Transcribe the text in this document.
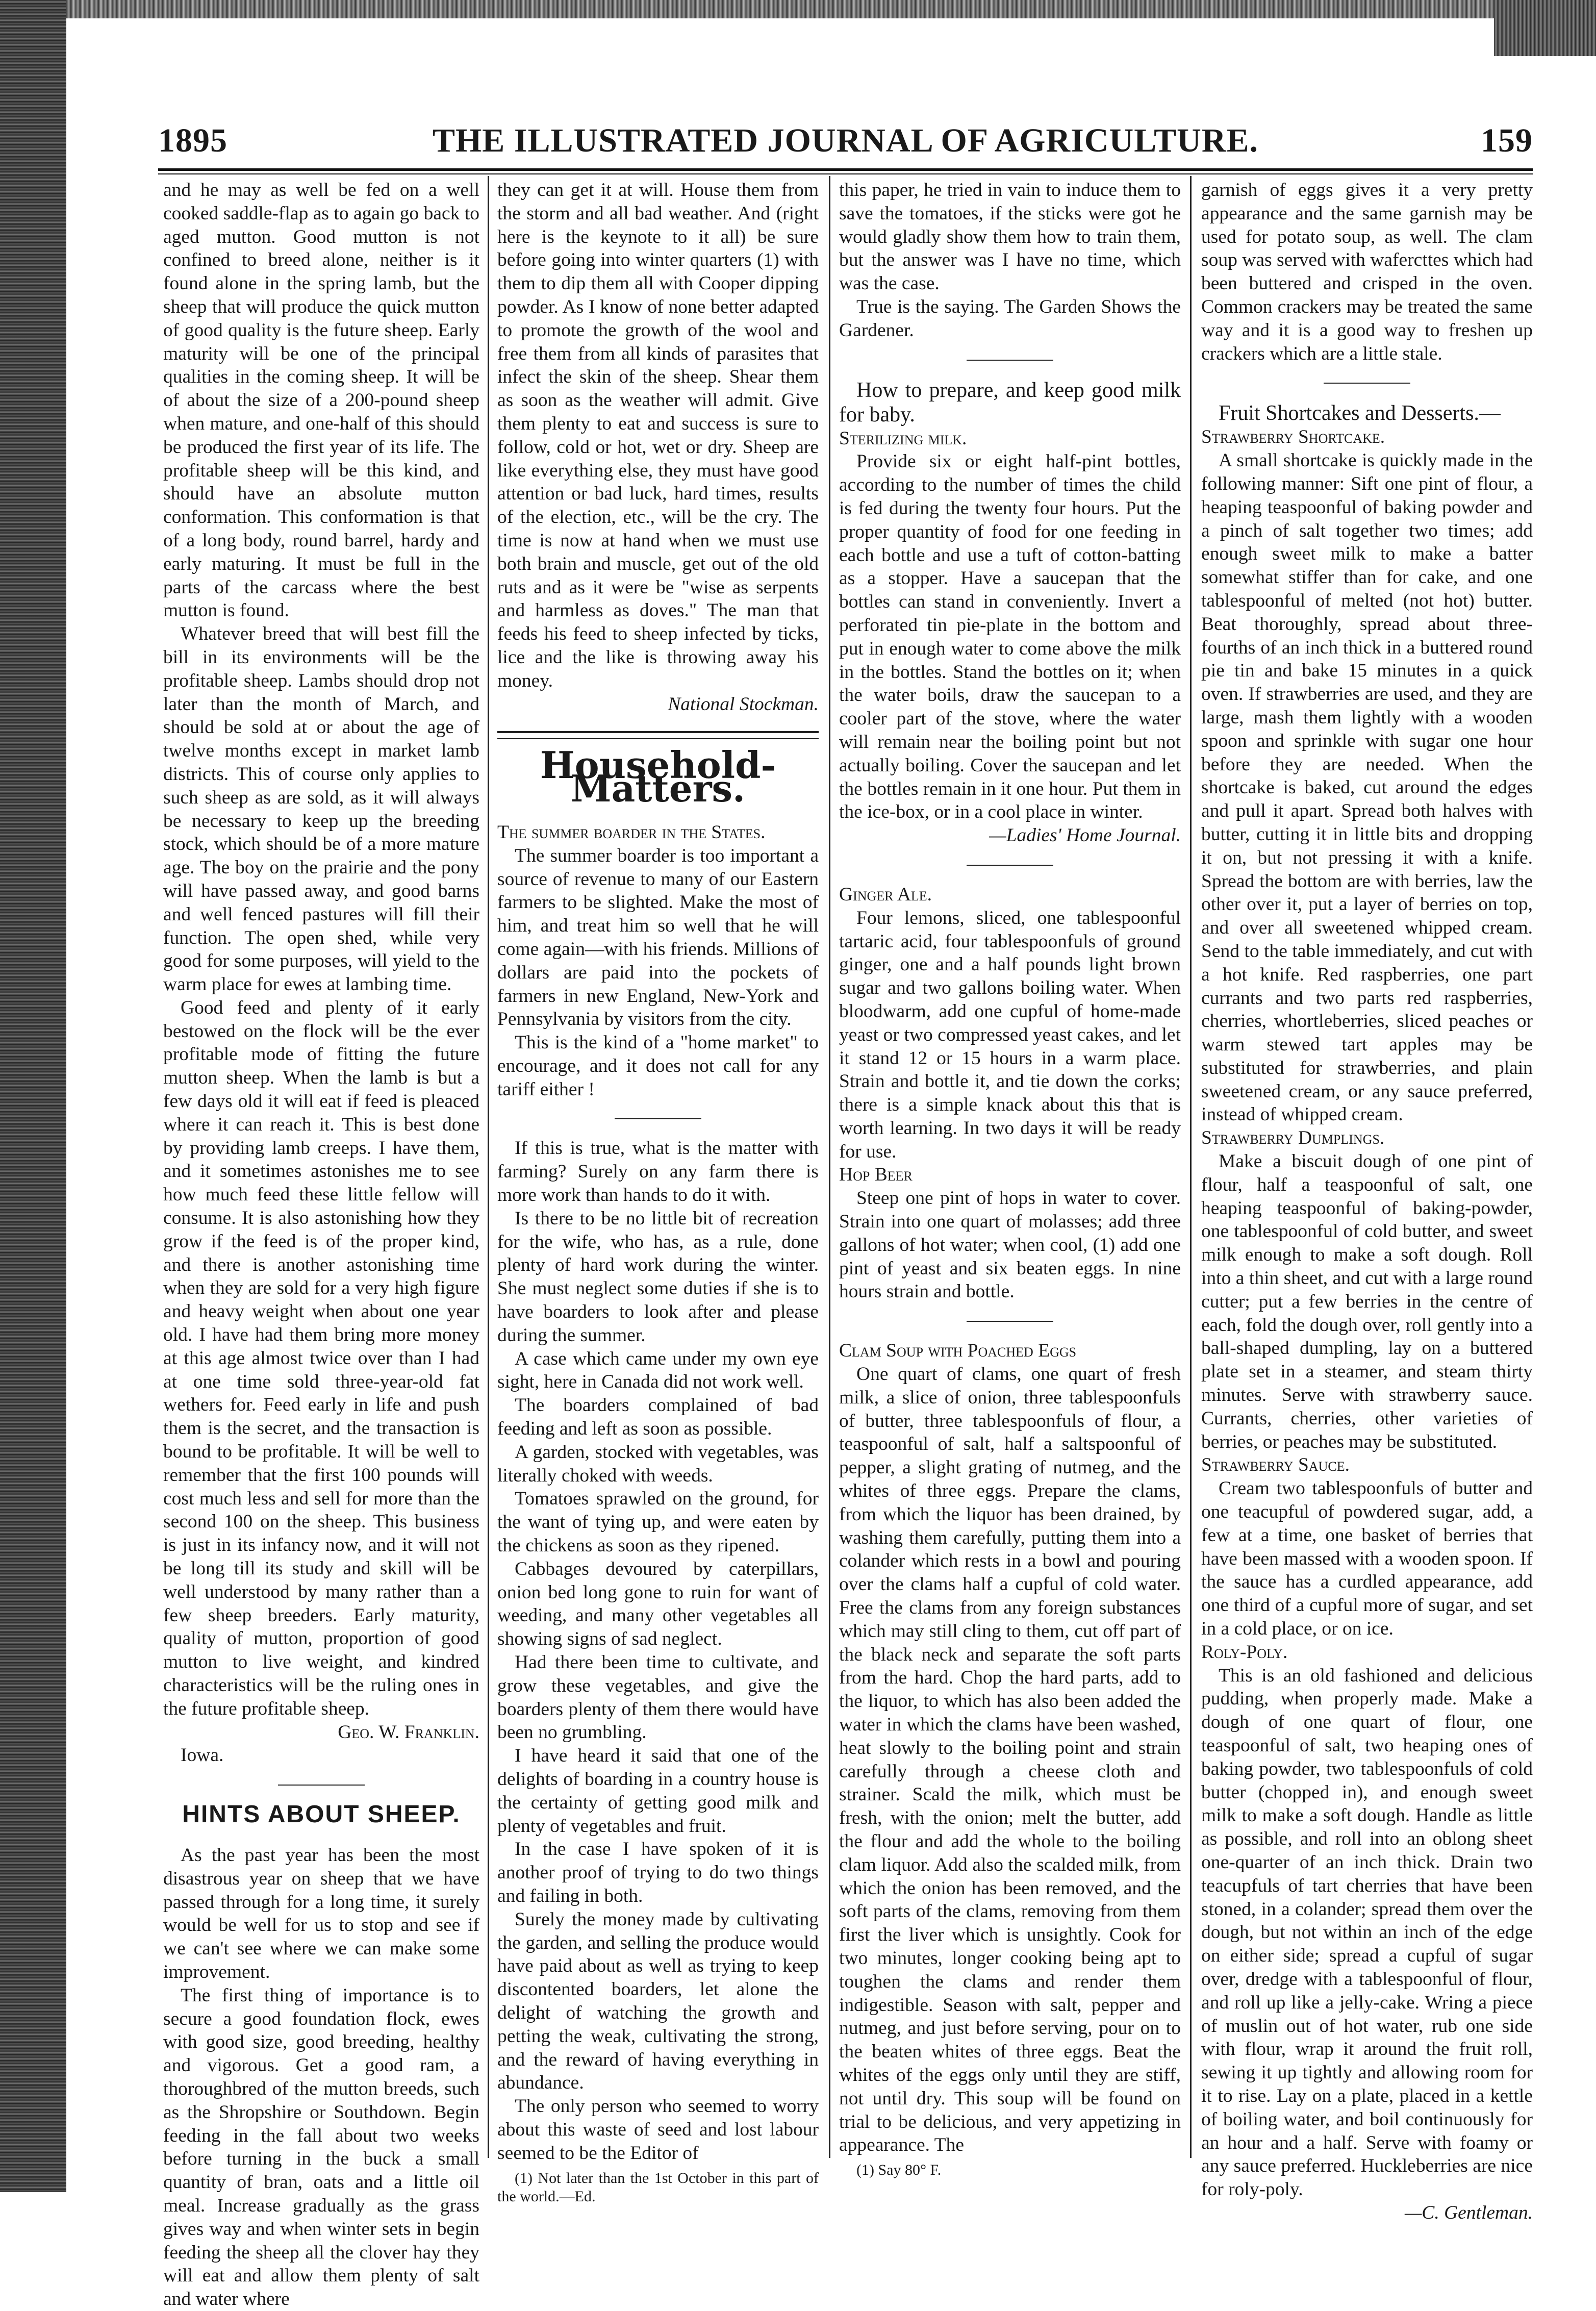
THE ILLUSTRATED JOURNAL OF AGRICULTURE.
1895	159

and he may as well be fed on a well cooked saddle-flap as to again go back to aged mutton. Good mutton is not confined to breed alone, neither is it found alone in the spring lamb, but the sheep that will produce the quick mutton of good quality is the future sheep. Early maturity will be one of the principal qualities in the coming sheep. It will be of about the size of a 200-pound sheep when mature, and one-half of this should be produced the first year of its life. The profitable sheep will be this kind, and should have an absolute mutton conformation. This conformation is that of a long body, round barrel, hardy and early maturing. It must be full in the parts of the carcass where the best mutton is found.

Whatever breed that will best fill the bill in its environments will be the profitable sheep. Lambs should drop not later than the month of March, and should be sold at or about the age of twelve months except in market lamb districts. This of course only applies to such sheep as are sold, as it will always be necessary to keep up the breeding stock, which should be of a more mature age. The boy on the prairie and the pony will have passed away, and good barns and well fenced pastures will fill their function. The open shed, while very good for some purposes, will yield to the warm place for ewes at lambing time.

Good feed and plenty of it early bestowed on the flock will be the ever profitable mode of fitting the future mutton sheep. When the lamb is but a few days old it will eat if feed is pleaced where it can reach it. This is best done by providing lamb creeps. I have them, and it sometimes astonishes me to see how much feed these little fellow will consume. It is also astonishing how they grow if the feed is of the proper kind, and there is another astonishing time when they are sold for a very high figure and heavy weight when about one year old. I have had them bring more money at this age almost twice over than I had at one time sold three-year-old fat wethers for. Feed early in life and push them is the secret, and the transaction is bound to be profitable. It will be well to remember that the first 100 pounds will cost much less and sell for more than the second 100 on the sheep. This business is just in its infancy now, and it will not be long till its study and skill will be well understood by many rather than a few sheep breeders. Early maturity, quality of mutton, proportion of good mutton to live weight, and kindred characteristics will be the ruling ones in the future profitable sheep.

Geo. W. Franklin.

Iowa.

HINTS ABOUT SHEEP.

As the past year has been the most disastrous year on sheep that we have passed through for a long time, it surely would be well for us to stop and see if we can't see where we can make some improvement.

The first thing of importance is to secure a good foundation flock, ewes with good size, good breeding, healthy and vigorous. Get a good ram, a thoroughbred of the mutton breeds, such as the Shropshire or Southdown. Begin feeding in the fall about two weeks before turning in the buck a small quantity of bran, oats and a little oil meal. Increase gradually as the grass gives way and when winter sets in begin feeding the sheep all the clover hay they will eat and allow them plenty of salt and water where

they can get it at will. House them from the storm and all bad weather. And (right here is the keynote to it all) be sure before going into winter quarters (1) with them to dip them all with Cooper dipping powder. As I know of none better adapted to promote the growth of the wool and free them from all kinds of parasites that infect the skin of the sheep. Shear them as soon as the weather will admit. Give them plenty to eat and success is sure to follow, cold or hot, wet or dry. Sheep are like everything else, they must have good attention or bad luck, hard times, results of the election, etc., will be the cry. The time is now at hand when we must use both brain and muscle, get out of the old ruts and as it were be "wise as serpents and harmless as doves." The man that feeds his feed to sheep infected by ticks, lice and the like is throwing away his money.

National Stockman.

Household-Matters.

The summer boarder in the States.

The summer boarder is too important a source of revenue to many of our Eastern farmers to be slighted. Make the most of him, and treat him so well that he will come again—with his friends. Millions of dollars are paid into the pockets of farmers in new England, New-York and Pennsylvania by visitors from the city.

This is the kind of a "home market" to encourage, and it does not call for any tariff either !

If this is true, what is the matter with farming? Surely on any farm there is more work than hands to do it with.

Is there to be no little bit of recreation for the wife, who has, as a rule, done plenty of hard work during the winter. She must neglect some duties if she is to have boarders to look after and please during the summer.

A case which came under my own eye sight, here in Canada did not work well.

The boarders complained of bad feeding and left as soon as possible.

A garden, stocked with vegetables, was literally choked with weeds.

Tomatoes sprawled on the ground, for the want of tying up, and were eaten by the chickens as soon as they ripened.

Cabbages devoured by caterpillars, onion bed long gone to ruin for want of weeding, and many other vegetables all showing signs of sad neglect.

Had there been time to cultivate, and grow these vegetables, and give the boarders plenty of them there would have been no grumbling.

I have heard it said that one of the delights of boarding in a country house is the certainty of getting good milk and plenty of vegetables and fruit.

In the case I have spoken of it is another proof of trying to do two things and failing in both.

Surely the money made by cultivating the garden, and selling the produce would have paid about as well as trying to keep discontented boarders, let alone the delight of watching the growth and petting the weak, cultivating the strong, and the reward of having everything in abundance.

The only person who seemed to worry about this waste of seed and lost labour seemed to be the Editor of

(1) Not later than the 1st October in this part of the world.—Ed.

this paper, he tried in vain to induce them to save the tomatoes, if the sticks were got he would gladly show them how to train them, but the answer was I have no time, which was the case.

True is the saying. The Garden Shows the Gardener.

How to prepare, and keep good milk for baby.

Sterilizing milk.

Provide six or eight half-pint bottles, according to the number of times the child is fed during the twenty four hours. Put the proper quantity of food for one feeding in each bottle and use a tuft of cotton-batting as a stopper. Have a saucepan that the bottles can stand in conveniently. Invert a perforated tin pie-plate in the bottom and put in enough water to come above the milk in the bottles. Stand the bottles on it; when the water boils, draw the saucepan to a cooler part of the stove, where the water will remain near the boiling point but not actually boiling. Cover the saucepan and let the bottles remain in it one hour. Put them in the ice-box, or in a cool place in winter.

—Ladies' Home Journal.

Ginger Ale.

Four lemons, sliced, one tablespoonful tartaric acid, four tablespoonfuls of ground ginger, one and a half pounds light brown sugar and two gallons boiling water. When bloodwarm, add one cupful of home-made yeast or two compressed yeast cakes, and let it stand 12 or 15 hours in a warm place. Strain and bottle it, and tie down the corks; there is a simple knack about this that is worth learning. In two days it will be ready for use.

Hop Beer

Steep one pint of hops in water to cover. Strain into one quart of molasses; add three gallons of hot water; when cool, (1) add one pint of yeast and six beaten eggs. In nine hours strain and bottle.

Clam Soup with Poached Eggs

One quart of clams, one quart of fresh milk, a slice of onion, three tablespoonfuls of butter, three tablespoonfuls of flour, a teaspoonful of salt, half a saltspoonful of pepper, a slight grating of nutmeg, and the whites of three eggs. Prepare the clams, from which the liquor has been drained, by washing them carefully, putting them into a colander which rests in a bowl and pouring over the clams half a cupful of cold water. Free the clams from any foreign substances which may still cling to them, cut off part of the black neck and separate the soft parts from the hard. Chop the hard parts, add to the liquor, to which has also been added the water in which the clams have been washed, heat slowly to the boiling point and strain carefully through a cheese cloth and strainer. Scald the milk, which must be fresh, with the onion; melt the butter, add the flour and add the whole to the boiling clam liquor. Add also the scalded milk, from which the onion has been removed, and the soft parts of the clams, removing from them first the liver which is unsightly. Cook for two minutes, longer cooking being apt to toughen the clams and render them indigestible. Season with salt, pepper and nutmeg, and just before serving, pour on to the beaten whites of three eggs. Beat the whites of the eggs only until they are stiff, not until dry. This soup will be found on trial to be delicious, and very appetizing in appearance. The

(1) Say 80° F.

garnish of eggs gives it a very pretty appearance and the same garnish may be used for potato soup, as well. The clam soup was served with wafercttes which had been buttered and crisped in the oven. Common crackers may be treated the same way and it is a good way to freshen up crackers which are a little stale.

Fruit Shortcakes and Desserts.—

Strawberry Shortcake.

A small shortcake is quickly made in the following manner: Sift one pint of flour, a heaping teaspoonful of baking powder and a pinch of salt together two times; add enough sweet milk to make a batter somewhat stiffer than for cake, and one tablespoonful of melted (not hot) butter. Beat thoroughly, spread about three-fourths of an inch thick in a buttered round pie tin and bake 15 minutes in a quick oven. If strawberries are used, and they are large, mash them lightly with a wooden spoon and sprinkle with sugar one hour before they are needed. When the shortcake is baked, cut around the edges and pull it apart. Spread both halves with butter, cutting it in little bits and dropping it on, but not pressing it with a knife. Spread the bottom are with berries, law the other over it, put a layer of berries on top, and over all sweetened whipped cream. Send to the table immediately, and cut with a hot knife. Red raspberries, one part currants and two parts red raspberries, cherries, whortleberries, sliced peaches or warm stewed tart apples may be substituted for strawberries, and plain sweetened cream, or any sauce preferred, instead of whipped cream.

Strawberry Dumplings.

Make a biscuit dough of one pint of flour, half a teaspoonful of salt, one heaping teaspoonful of baking-powder, one tablespoonful of cold butter, and sweet milk enough to make a soft dough. Roll into a thin sheet, and cut with a large round cutter; put a few berries in the centre of each, fold the dough over, roll gently into a ball-shaped dumpling, lay on a buttered plate set in a steamer, and steam thirty minutes. Serve with strawberry sauce. Currants, cherries, other varieties of berries, or peaches may be substituted.

Strawberry Sauce.

Cream two tablespoonfuls of butter and one teacupful of powdered sugar, add, a few at a time, one basket of berries that have been massed with a wooden spoon. If the sauce has a curdled appearance, add one third of a cupful more of sugar, and set in a cold place, or on ice.

Roly-Poly.

This is an old fashioned and delicious pudding, when properly made. Make a dough of one quart of flour, one teaspoonful of salt, two heaping ones of baking powder, two tablespoonfuls of cold butter (chopped in), and enough sweet milk to make a soft dough. Handle as little as possible, and roll into an oblong sheet one-quarter of an inch thick. Drain two teacupfuls of tart cherries that have been stoned, in a colander; spread them over the dough, but not within an inch of the edge on either side; spread a cupful of sugar over, dredge with a tablespoonful of flour, and roll up like a jelly-cake. Wring a piece of muslin out of hot water, rub one side with flour, wrap it around the fruit roll, sewing it up tightly and allowing room for it to rise. Lay on a plate, placed in a kettle of boiling water, and boil continuously for an hour and a half. Serve with foamy or any sauce preferred. Huckleberries are nice for roly-poly.

—C. Gentleman.
